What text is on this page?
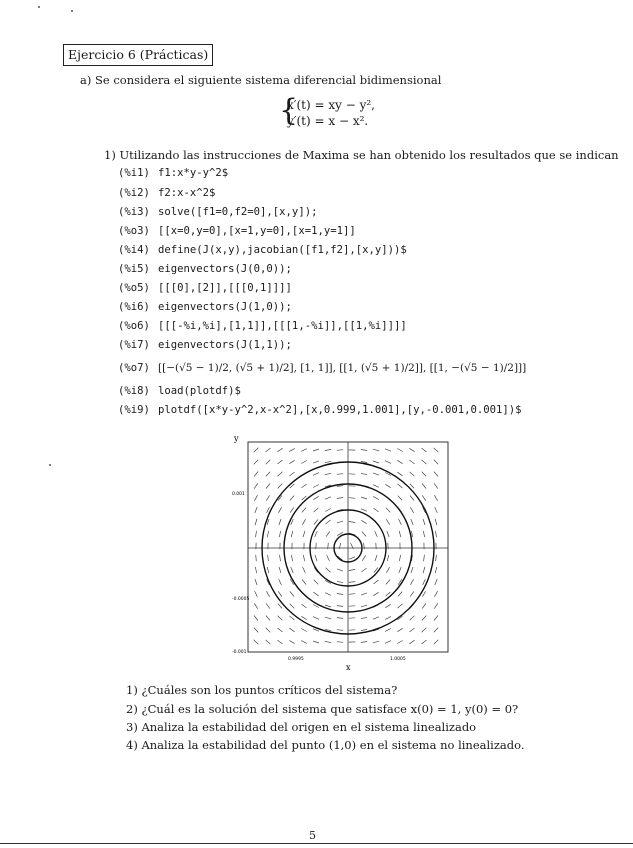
Ejercicio 6 (Prácticas)
a) Se considera el siguiente sistema diferencial bidimensional
{
x′(t) = xy − y²,
y′(t) = x − x².
1) Utilizando las instrucciones de Maxima se han obtenido los resultados que se indican
(%i1) f1:x*y-y^2$
(%i2) f2:x-x^2$
(%i3) solve([f1=0,f2=0],[x,y]);
(%o3) [[x=0,y=0],[x=1,y=0],[x=1,y=1]]
(%i4) define(J(x,y),jacobian([f1,f2],[x,y]))$
(%i5) eigenvectors(J(0,0));
(%o5) [[[0],[2]],[[[0,1]]]]
(%i6) eigenvectors(J(1,0));
(%o6) [[[-%i,%i],[1,1]],[[[1,-%i]],[[1,%i]]]]
(%i7) eigenvectors(J(1,1));
(%o7) [[−(√5 − 1)/2, (√5 + 1)/2], [1, 1]], [[1, (√5 + 1)/2]], [[1, −(√5 − 1)/2]]]
(%i8) load(plotdf)$
(%i9) plotdf([x*y-y^2,x-x^2],[x,0.999,1.001],[y,-0.001,0.001])$
y
x
0.001
-0.0005
-0.001
0.9995	1.0005
1) ¿Cuáles son los puntos críticos del sistema?
2) ¿Cuál es la solución del sistema que satisface x(0) = 1, y(0) = 0?
3) Analiza la estabilidad del origen en el sistema linealizado
4) Analiza la estabilidad del punto (1,0) en el sistema no linealizado.
5
